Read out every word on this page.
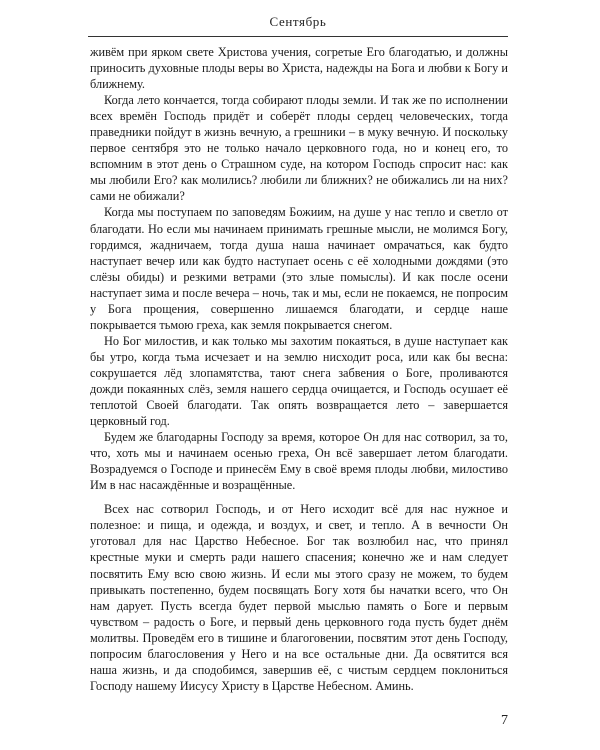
Сентябрь

живём при ярком свете Христова учения, согретые Его благодатью, и должны приносить духовные плоды веры во Христа, надежды на Бога и любви к Богу и ближнему.

Когда лето кончается, тогда собирают плоды земли. И так же по исполнении всех времён Господь придёт и соберёт плоды сердец человеческих, тогда праведники пойдут в жизнь вечную, а грешники – в муку вечную. И поскольку первое сентября это не только начало церковного года, но и конец его, то вспомним в этот день о Страшном суде, на котором Господь спросит нас: как мы любили Его? как молились? любили ли ближних? не обижались ли на них? сами не обижали?

Когда мы поступаем по заповедям Божиим, на душе у нас тепло и светло от благодати. Но если мы начинаем принимать грешные мысли, не молимся Богу, гордимся, жадничаем, тогда душа наша начинает омрачаться, как будто наступает вечер или как будто наступает осень с её холодными дождями (это слёзы обиды) и резкими ветрами (это злые помыслы). И как после осени наступает зима и после вечера – ночь, так и мы, если не покаемся, не попросим у Бога прощения, совершенно лишаемся благодати, и сердце наше покрывается тьмою греха, как земля покрывается снегом.

Но Бог милостив, и как только мы захотим покаяться, в душе наступает как бы утро, когда тьма исчезает и на землю нисходит роса, или как бы весна: сокрушается лёд злопамятства, тают снега забвения о Боге, проливаются дожди покаянных слёз, земля нашего сердца очищается, и Господь осушает её теплотой Своей благодати. Так опять возвращается лето – завершается церковный год.

Будем же благодарны Господу за время, которое Он для нас сотворил, за то, что, хоть мы и начинаем осенью греха, Он всё завершает летом благодати. Возрадуемся о Господе и принесём Ему в своё время плоды любви, милостиво Им в нас насаждённые и возращённые.

Всех нас сотворил Господь, и от Него исходит всё для нас нужное и полезное: и пища, и одежда, и воздух, и свет, и тепло. А в вечности Он уготовал для нас Царство Небесное. Бог так возлюбил нас, что принял крестные муки и смерть ради нашего спасения; конечно же и нам следует посвятить Ему всю свою жизнь. И если мы этого сразу не можем, то будем привыкать постепенно, будем посвящать Богу хотя бы начатки всего, что Он нам дарует. Пусть всегда будет первой мыслью память о Боге и первым чувством – радость о Боге, и первый день церковного года пусть будет днём молитвы. Проведём его в тишине и благоговении, посвятим этот день Господу, попросим благословения у Него и на все остальные дни. Да освятится вся наша жизнь, и да сподобимся, завершив её, с чистым сердцем поклониться Господу нашему Иисусу Христу в Царстве Небесном. Аминь.

7
